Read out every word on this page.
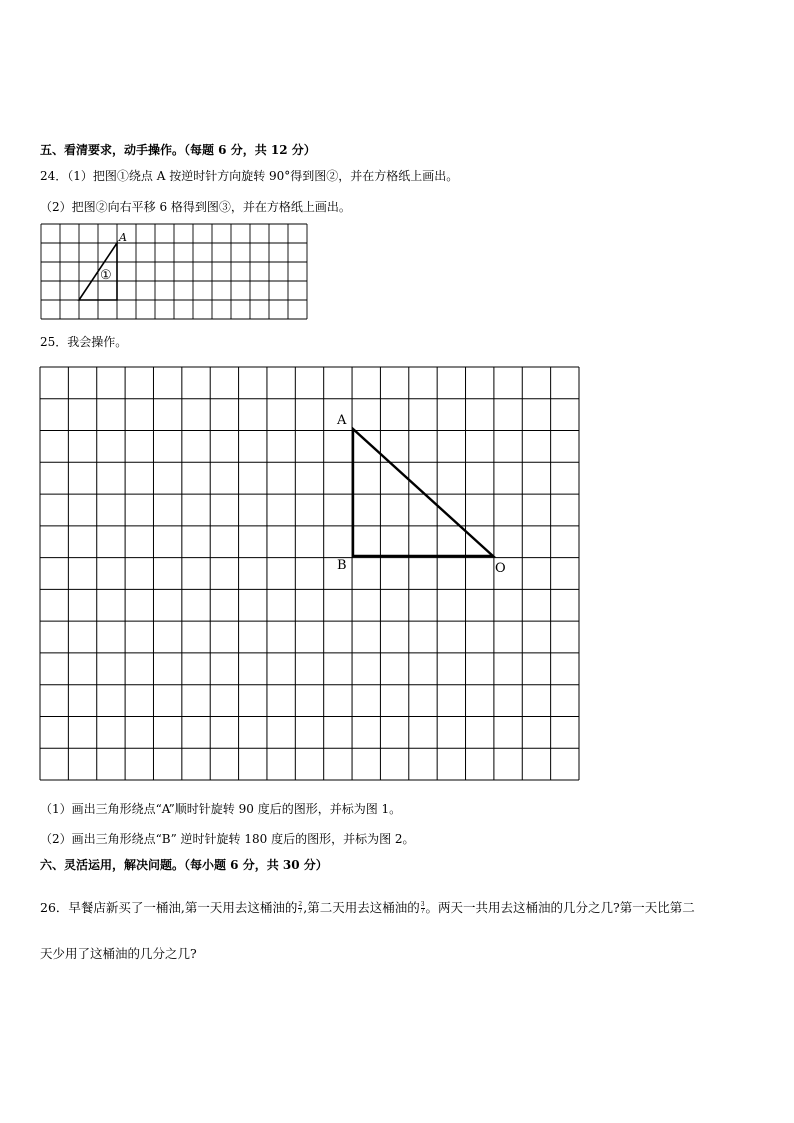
五、看清要求，动手操作。（每题 6 分，共 12 分）
24．（1）把图①绕点 A 按逆时针方向旋转 90°得到图②，并在方格纸上画出。
（2）把图②向右平移 6 格得到图③，并在方格纸上画出。
A
①
25．我会操作。
A
B	O
（1）画出三角形绕点“A”顺时针旋转 90 度后的图形，并标为图 1。
（2）画出三角形绕点“B” 逆时针旋转 180 度后的图形，并标为图 2。
六、灵活运用，解决问题。（每小题 6 分，共 30 分）
26．早餐店新买了一桶油,第一天用去这桶油的 $\frac{2}{7}$ ,第二天用去这桶油的 $\frac{3}{7}$ 。两天一共用去这桶油的几分之几?第一天比第二
天少用了这桶油的几分之几?
